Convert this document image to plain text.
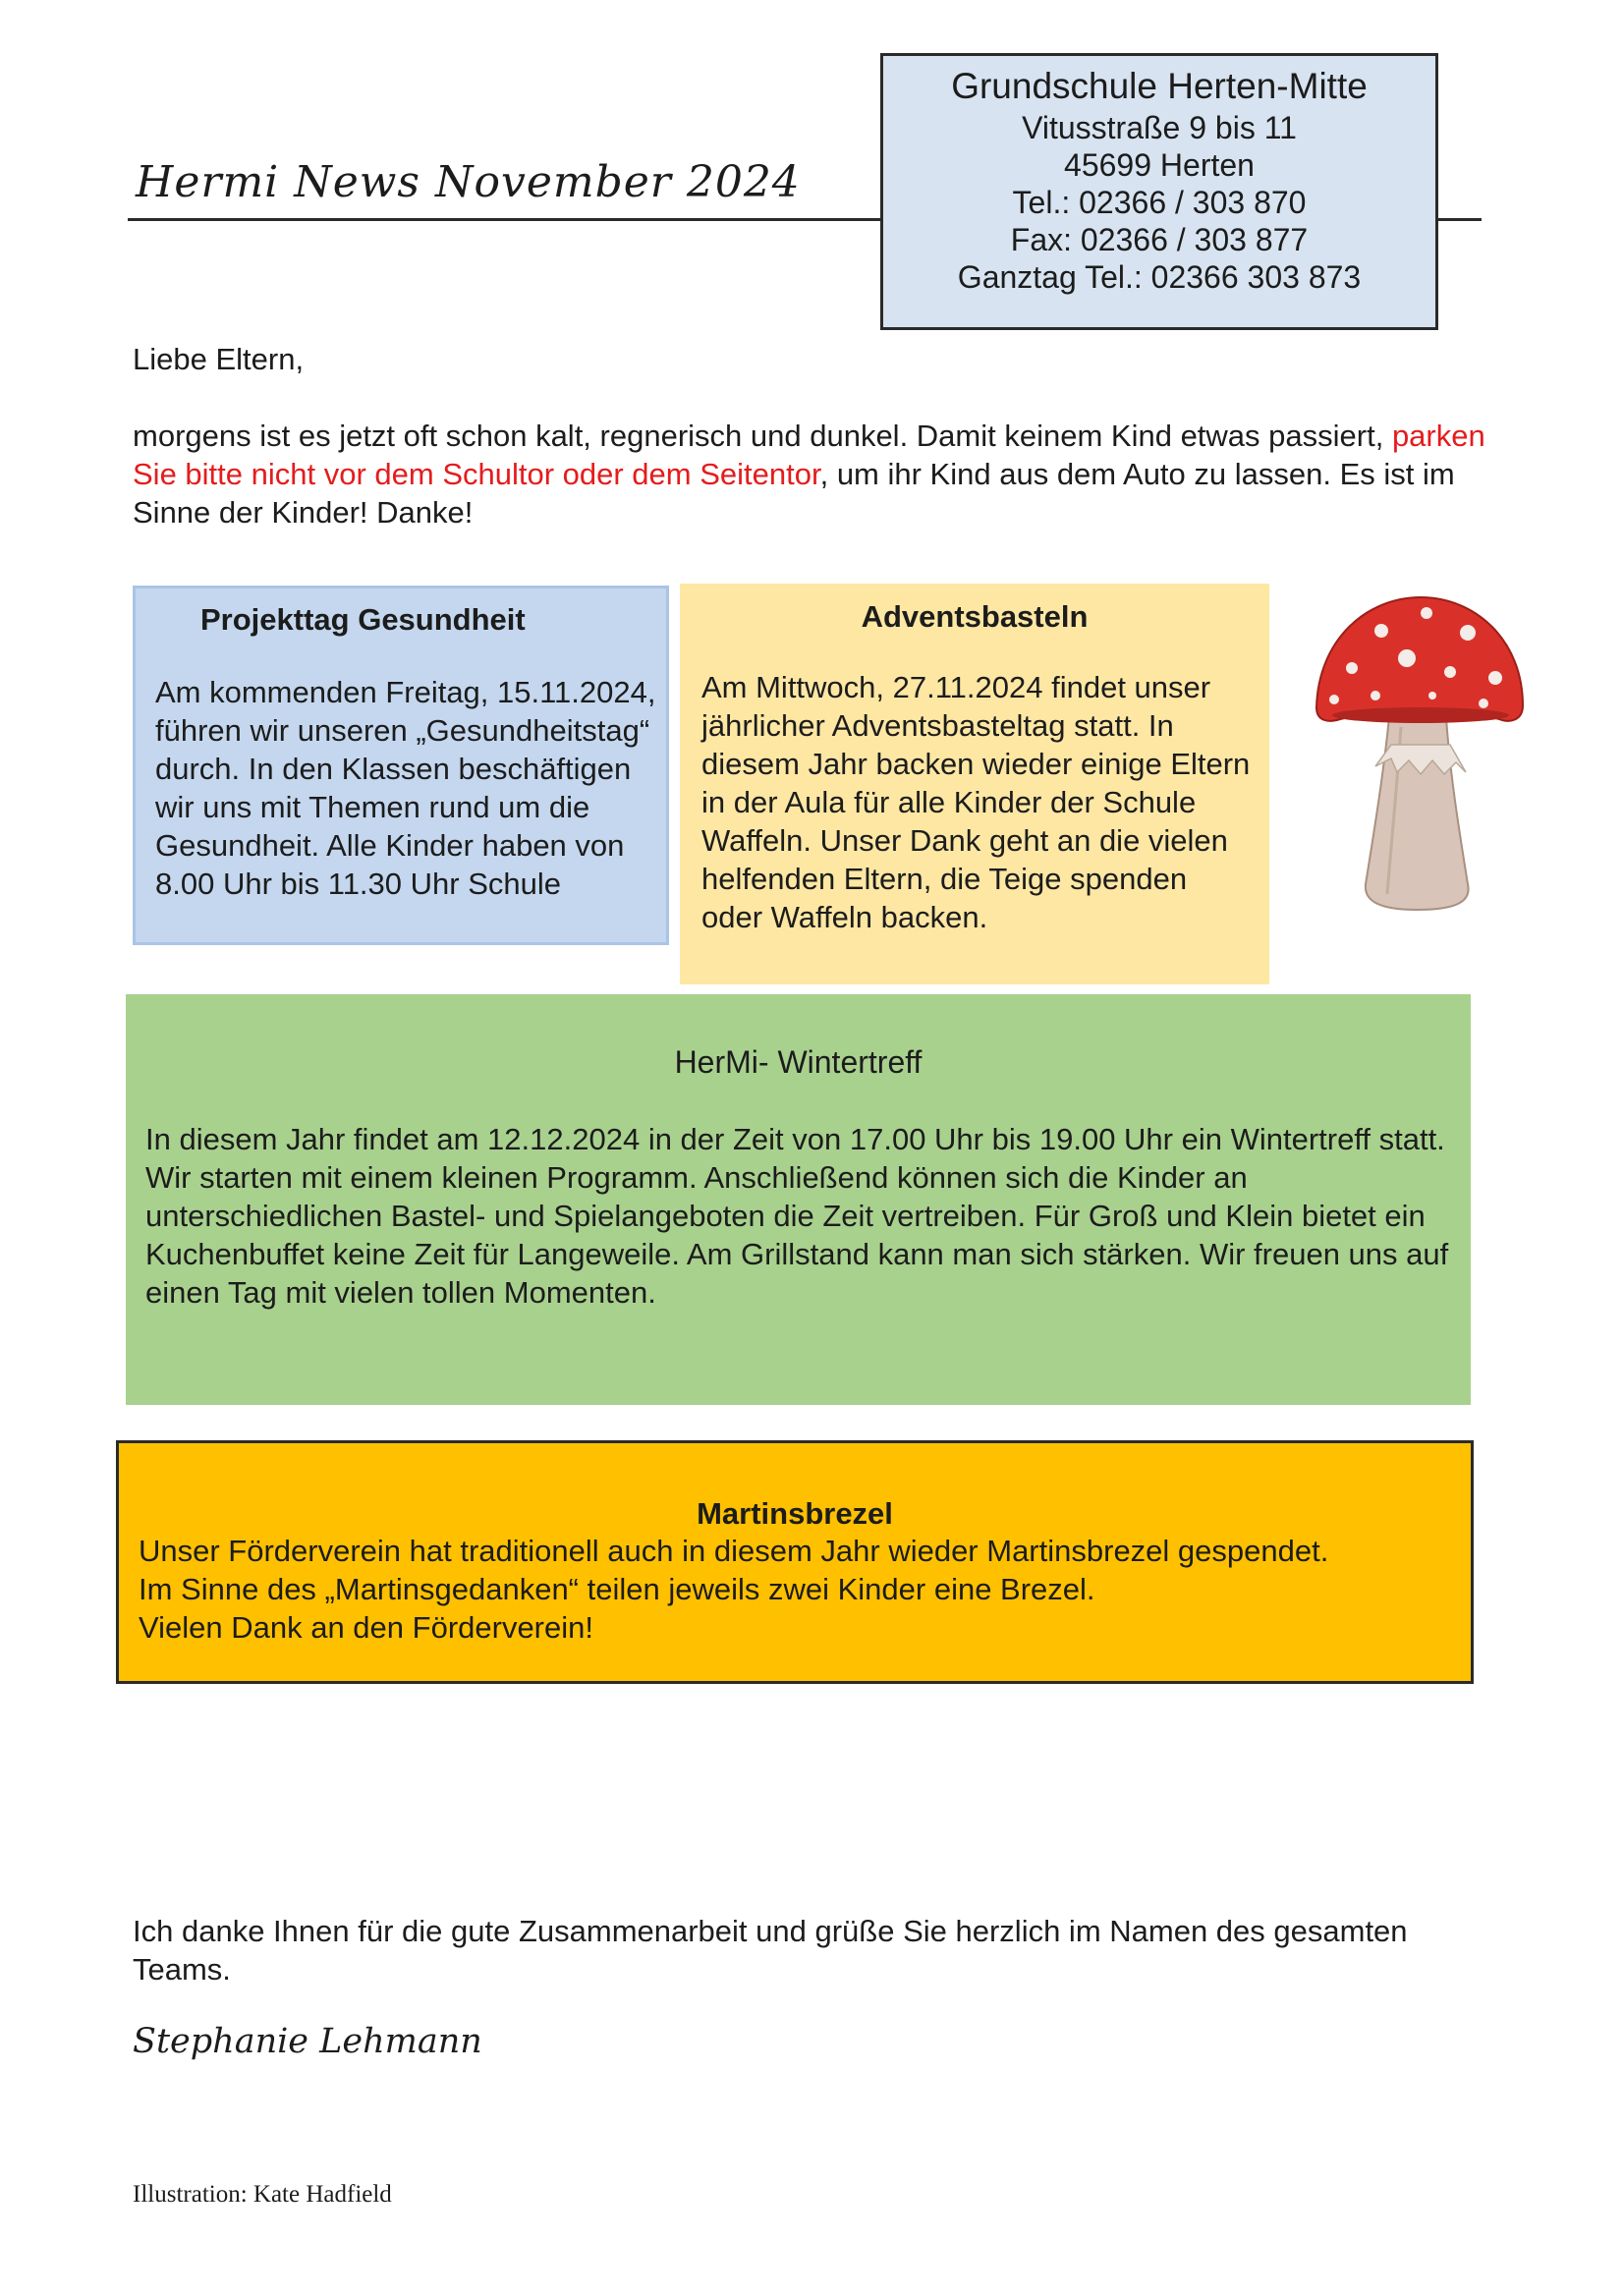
Hermi News November 2024
Grundschule Herten-Mitte
Vitusstraße 9 bis 11
45699 Herten
Tel.: 02366 / 303 870
Fax: 02366 / 303 877
Ganztag Tel.: 02366 303 873
Liebe Eltern,
morgens ist es jetzt oft schon kalt, regnerisch und dunkel. Damit keinem Kind etwas passiert, parken Sie bitte nicht vor dem Schultor oder dem Seitentor, um ihr Kind aus dem Auto zu lassen. Es ist im Sinne der Kinder! Danke!
Projekttag Gesundheit
Am kommenden Freitag, 15.11.2024, führen wir unseren „Gesundheitstag“ durch. In den Klassen beschäftigen wir uns mit Themen rund um die Gesundheit. Alle Kinder haben von 8.00 Uhr bis 11.30 Uhr Schule
Adventsbasteln
Am Mittwoch, 27.11.2024 findet unser jährlicher Adventsbasteltag statt. In diesem Jahr backen wieder einige Eltern in der Aula für alle Kinder der Schule Waffeln. Unser Dank geht an die vielen helfenden Eltern, die Teige spenden oder Waffeln backen.
HerMi- Wintertreff
In diesem Jahr findet am 12.12.2024 in der Zeit von 17.00 Uhr bis 19.00 Uhr ein Wintertreff statt.
Wir starten mit einem kleinen Programm. Anschließend können sich die Kinder an unterschiedlichen Bastel- und Spielangeboten die Zeit vertreiben. Für Groß und Klein bietet ein Kuchenbuffet keine Zeit für Langeweile. Am Grillstand kann man sich stärken. Wir freuen uns auf einen Tag mit vielen tollen Momenten.
Martinsbrezel
Unser Förderverein hat traditionell auch in diesem Jahr wieder Martinsbrezel gespendet.
Im Sinne des „Martinsgedanken“ teilen jeweils zwei Kinder eine Brezel.
Vielen Dank an den Förderverein!
Ich danke Ihnen für die gute Zusammenarbeit und grüße Sie herzlich im Namen des gesamten Teams.
Stephanie Lehmann
Illustration: Kate Hadfield
